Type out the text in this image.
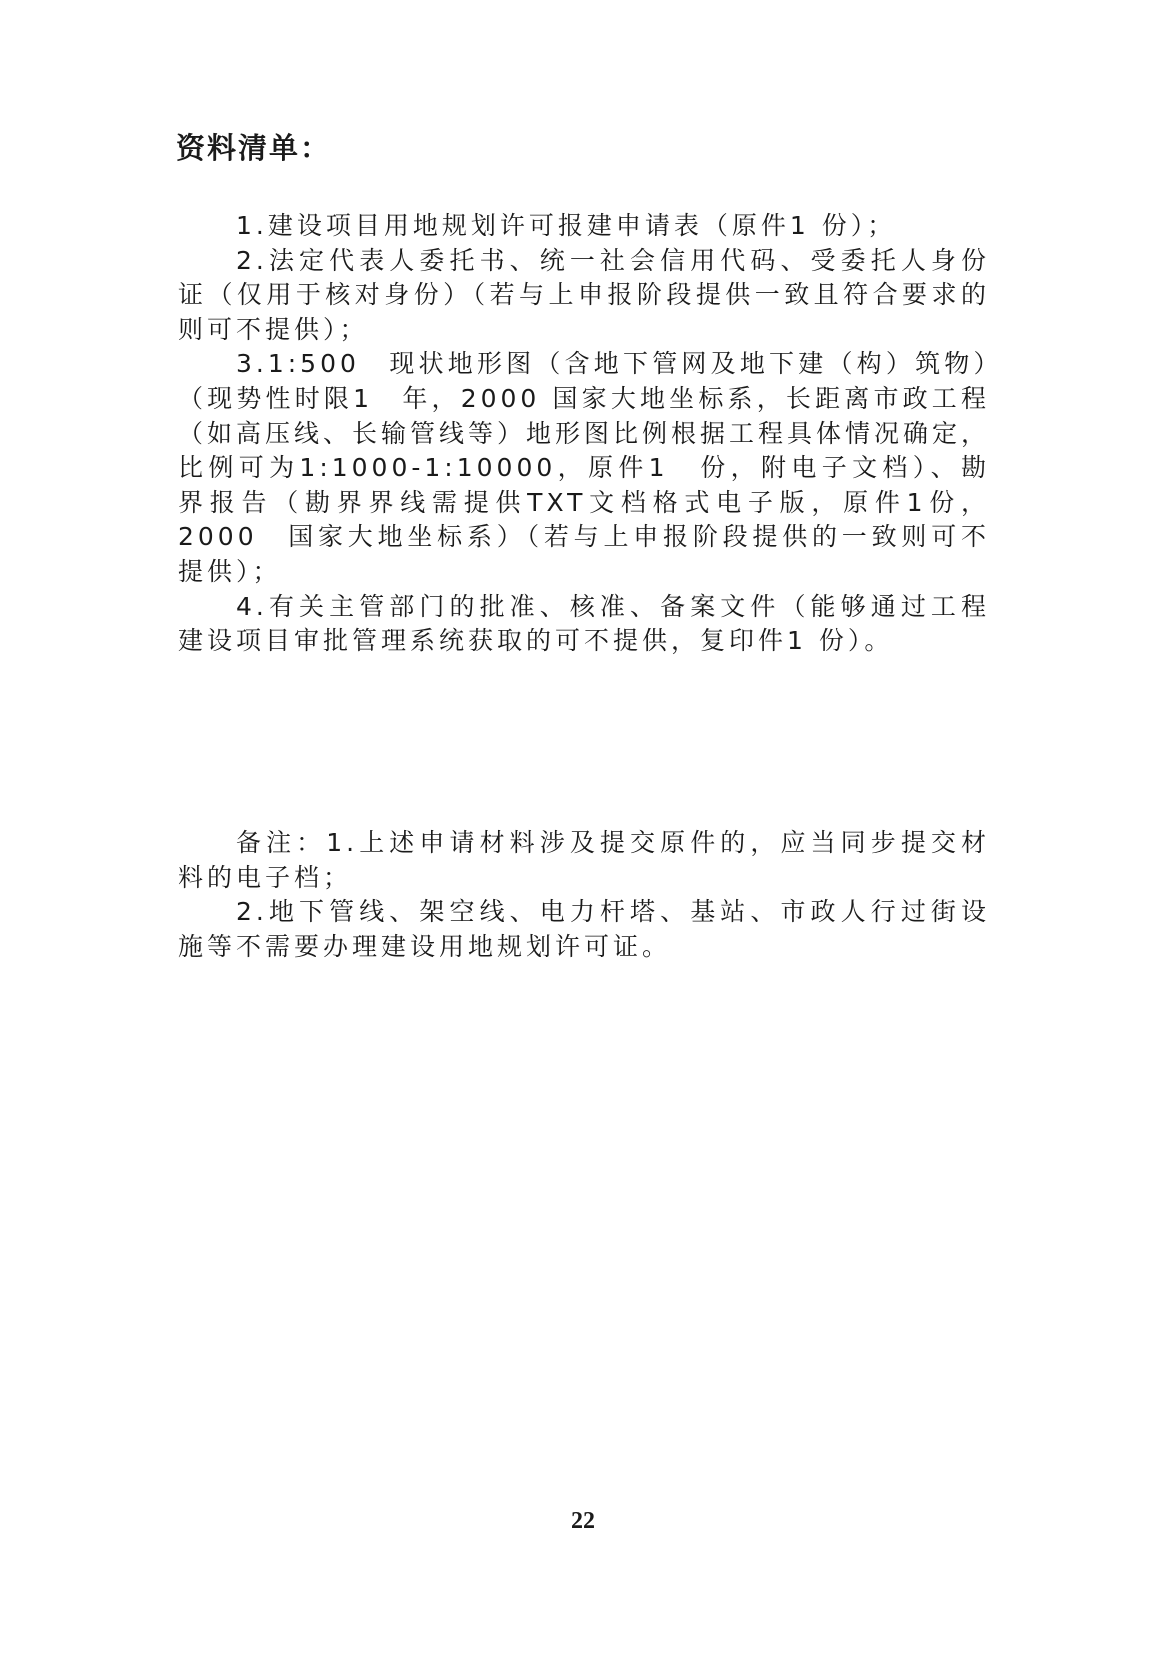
资料清单：

1.建设项目用地规划许可报建申请表（原件1 份）；

2.法定代表人委托书、统一社会信用代码、受委托人身份证（仅用于核对身份）（若与上申报阶段提供一致且符合要求的则可不提供）；

3.1:500　现状地形图（含地下管网及地下建（构）筑物）（现势性时限1　年，2000 国家大地坐标系，长距离市政工程（如高压线、长输管线等）地形图比例根据工程具体情况确定，比例可为1:1000-1:10000，原件1　份，附电子文档）、勘界报告（勘界界线需提供TXT文档格式电子版，原件1份，2000　国家大地坐标系）（若与上申报阶段提供的一致则可不提供）；

4.有关主管部门的批准、核准、备案文件（能够通过工程建设项目审批管理系统获取的可不提供，复印件1 份）。

备注：1.上述申请材料涉及提交原件的，应当同步提交材料的电子档；

2.地下管线、架空线、电力杆塔、基站、市政人行过街设施等不需要办理建设用地规划许可证。

22
